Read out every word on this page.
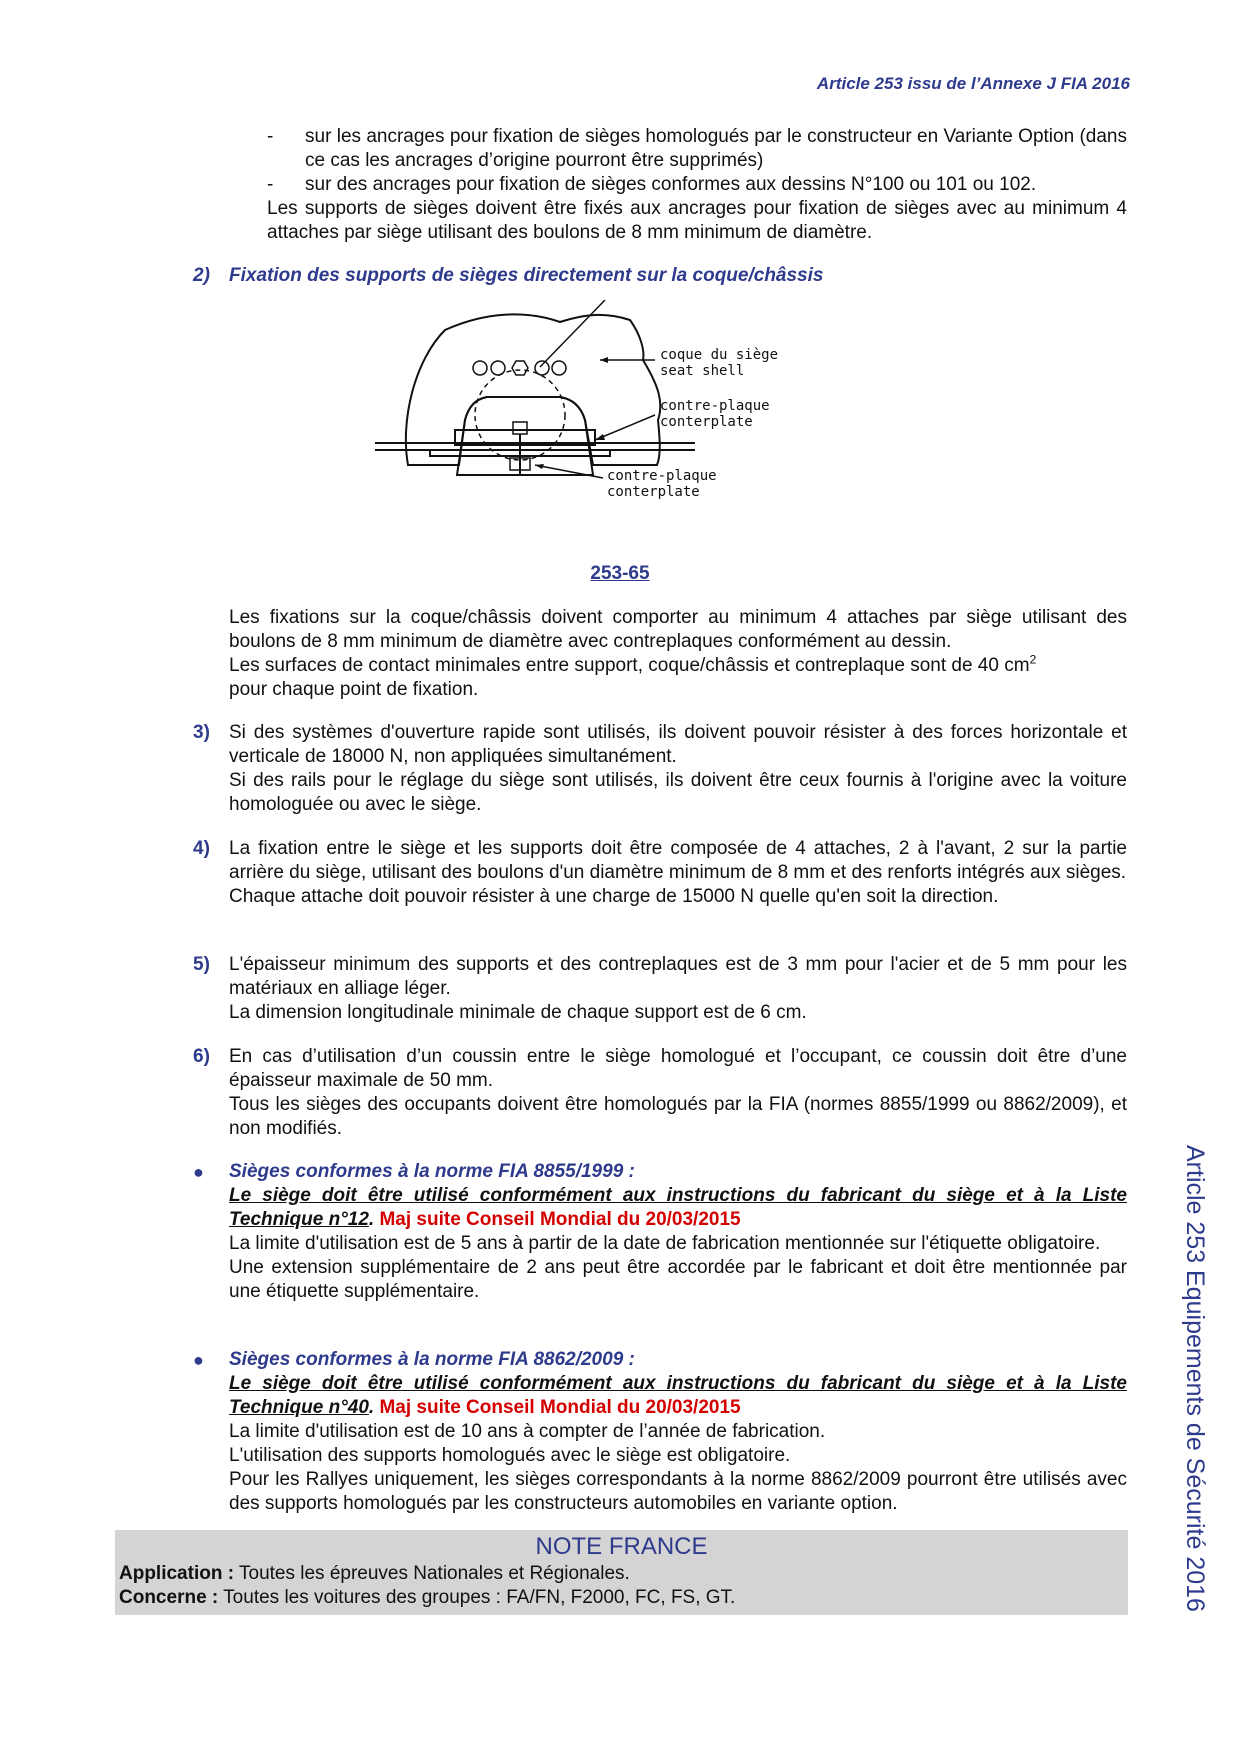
Article 253 issu de l’Annexe J FIA 2016
- sur les ancrages pour fixation de sièges homologués par le constructeur en Variante Option (dans ce cas les ancrages d’origine pourront être supprimés)
- sur des ancrages pour fixation de sièges conformes aux dessins N°100 ou 101 ou 102.
Les supports de sièges doivent être fixés aux ancrages pour fixation de sièges avec au minimum 4 attaches par siège utilisant des boulons de 8 mm minimum de diamètre.
2) Fixation des supports de sièges directement sur la coque/châssis
coque du siège
seat shell
contre-plaque
conterplate
contre-plaque
conterplate
253-65
Les fixations sur la coque/châssis doivent comporter au minimum 4 attaches par siège utilisant des boulons de 8 mm minimum de diamètre avec contreplaques conformément au dessin.
Les surfaces de contact minimales entre support, coque/châssis et contreplaque sont de 40 $cm^2$
pour chaque point de fixation.
3) Si des systèmes d'ouverture rapide sont utilisés, ils doivent pouvoir résister à des forces horizontale et verticale de 18000 N, non appliquées simultanément.
Si des rails pour le réglage du siège sont utilisés, ils doivent être ceux fournis à l'origine avec la voiture homologuée ou avec le siège.
4) La fixation entre le siège et les supports doit être composée de 4 attaches, 2 à l'avant, 2 sur la partie arrière du siège, utilisant des boulons d'un diamètre minimum de 8 mm et des renforts intégrés aux sièges.
Chaque attache doit pouvoir résister à une charge de 15000 N quelle qu'en soit la direction.
5) L'épaisseur minimum des supports et des contreplaques est de 3 mm pour l'acier et de 5 mm pour les matériaux en alliage léger.
La dimension longitudinale minimale de chaque support est de 6 cm.
6) En cas d’utilisation d’un coussin entre le siège homologué et l’occupant, ce coussin doit être d’une épaisseur maximale de 50 mm.
Tous les sièges des occupants doivent être homologués par la FIA (normes 8855/1999 ou 8862/2009), et non modifiés.
● Sièges conformes à la norme FIA 8855/1999 :
Le siège doit être utilisé conformément aux instructions du fabricant du siège et à la Liste Technique n°12. Maj suite Conseil Mondial du 20/03/2015
La limite d'utilisation est de 5 ans à partir de la date de fabrication mentionnée sur l'étiquette obligatoire.
Une extension supplémentaire de 2 ans peut être accordée par le fabricant et doit être mentionnée par une étiquette supplémentaire.
● Sièges conformes à la norme FIA 8862/2009 :
Le siège doit être utilisé conformément aux instructions du fabricant du siège et à la Liste Technique n°40. Maj suite Conseil Mondial du 20/03/2015
La limite d'utilisation est de 10 ans à compter de l’année de fabrication.
L'utilisation des supports homologués avec le siège est obligatoire.
Pour les Rallyes uniquement, les sièges correspondants à la norme 8862/2009 pourront être utilisés avec des supports homologués par les constructeurs automobiles en variante option.
NOTE FRANCE
Application : Toutes les épreuves Nationales et Régionales.
Concerne : Toutes les voitures des groupes : FA/FN, F2000, FC, FS, GT.	Article 253 Equipements de Sécurité 2016
